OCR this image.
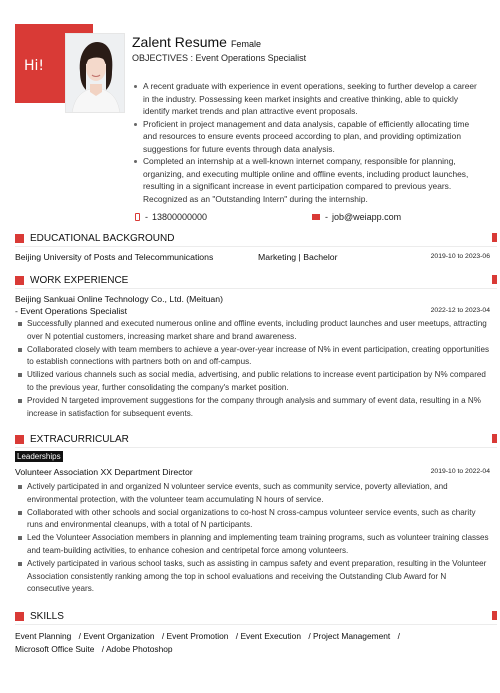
Hi!
Zalent Resume Female
OBJECTIVES : Event Operations Specialist
A recent graduate with experience in event operations, seeking to further develop a career in the industry. Possessing keen market insights and creative thinking, able to quickly identify market trends and plan attractive event proposals.
Proficient in project management and data analysis, capable of efficiently allocating time and resources to ensure events proceed according to plan, and providing optimization suggestions for future events through data analysis.
Completed an internship at a well-known internet company, responsible for planning, organizing, and executing multiple online and offline events, including product launches, resulting in a significant increase in event participation compared to previous years. Recognized as an "Outstanding Intern" during the internship.
- 13800000000	- job@weiapp.com
EDUCATIONAL BACKGROUND
Beijing University of Posts and Telecommunications	Marketing | Bachelor	2019-10 to 2023-06
WORK EXPERIENCE
Beijing Sankuai Online Technology Co., Ltd. (Meituan)
- Event Operations Specialist	2022-12 to 2023-04
Successfully planned and executed numerous online and offline events, including product launches and user meetups, attracting over N potential customers, increasing market share and brand awareness.
Collaborated closely with team members to achieve a year-over-year increase of N% in event participation, creating opportunities to establish connections with partners both on and off-campus.
Utilized various channels such as social media, advertising, and public relations to increase event participation by N% compared to the previous year, further consolidating the company's market position.
Provided N targeted improvement suggestions for the company through analysis and summary of event data, resulting in a N% increase in satisfaction for subsequent events.
EXTRACURRICULAR
Leaderships
Volunteer Association XX Department Director	2019-10 to 2022-04
Actively participated in and organized N volunteer service events, such as community service, poverty alleviation, and environmental protection, with the volunteer team accumulating N hours of service.
Collaborated with other schools and social organizations to co-host N cross-campus volunteer service events, such as charity runs and environmental cleanups, with a total of N participants.
Led the Volunteer Association members in planning and implementing team training programs, such as volunteer training classes and team-building activities, to enhance cohesion and centripetal force among volunteers.
Actively participated in various school tasks, such as assisting in campus safety and event preparation, resulting in the Volunteer Association consistently ranking among the top in school evaluations and receiving the Outstanding Club Award for N consecutive years.
SKILLS
Event Planning / Event Organization / Event Promotion / Event Execution / Project Management /
Microsoft Office Suite / Adobe Photoshop
